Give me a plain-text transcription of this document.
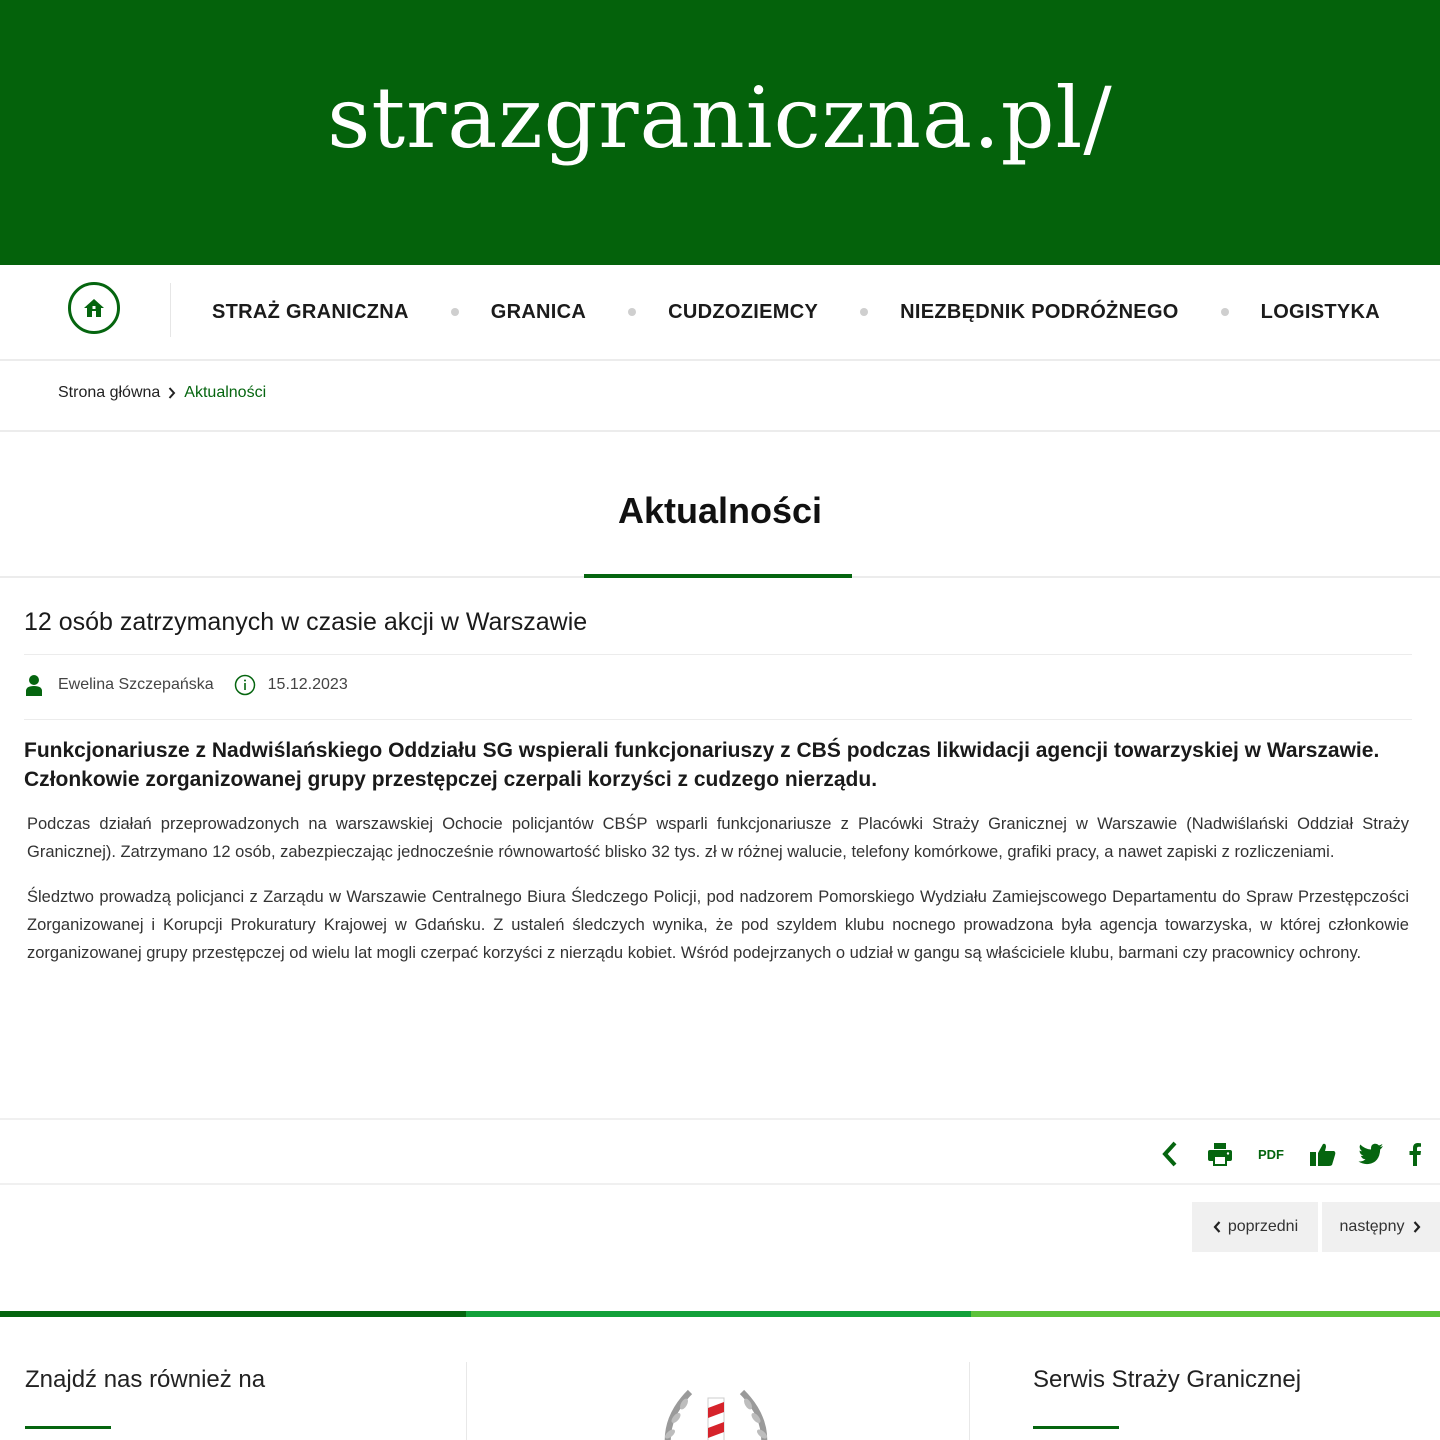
strazgraniczna.pl/
STRAŻ GRANICZNA	GRANICA	CUDZOZIEMCY	NIEZBĘDNIK PODRÓŻNEGO	LOGISTYKA
Strona główna Aktualności
Aktualności
12 osób zatrzymanych w czasie akcji w Warszawie
Ewelina Szczepańska	15.12.2023
Funkcjonariusze z Nadwiślańskiego Oddziału SG wspierali funkcjonariuszy z CBŚ podczas likwidacji agencji towarzyskiej w Warszawie. Członkowie zorganizowanej grupy przestępczej czerpali korzyści z cudzego nierządu.
Podczas działań przeprowadzonych na warszawskiej Ochocie policjantów CBŚP wsparli funkcjonariusze z Placówki Straży Granicznej w Warszawie (Nadwiślański Oddział Straży Granicznej). Zatrzymano 12 osób, zabezpieczając jednocześnie równowartość blisko 32 tys. zł w różnej walucie, telefony komórkowe, grafiki pracy, a nawet zapiski z rozliczeniami.
Śledztwo prowadzą policjanci z Zarządu w Warszawie Centralnego Biura Śledczego Policji, pod nadzorem Pomorskiego Wydziału Zamiejscowego Departamentu do Spraw Przestępczości Zorganizowanej i Korupcji Prokuratury Krajowej w Gdańsku. Z ustaleń śledczych wynika, że pod szyldem klubu nocnego prowadzona była agencja towarzyska, w której członkowie zorganizowanej grupy przestępczej od wielu lat mogli czerpać korzyści z nierządu kobiet. Wśród podejrzanych o udział w gangu są właściciele klubu, barmani czy pracownicy ochrony.
PDF
poprzedni	następny
Znajdź nas również na	Serwis Straży Granicznej
